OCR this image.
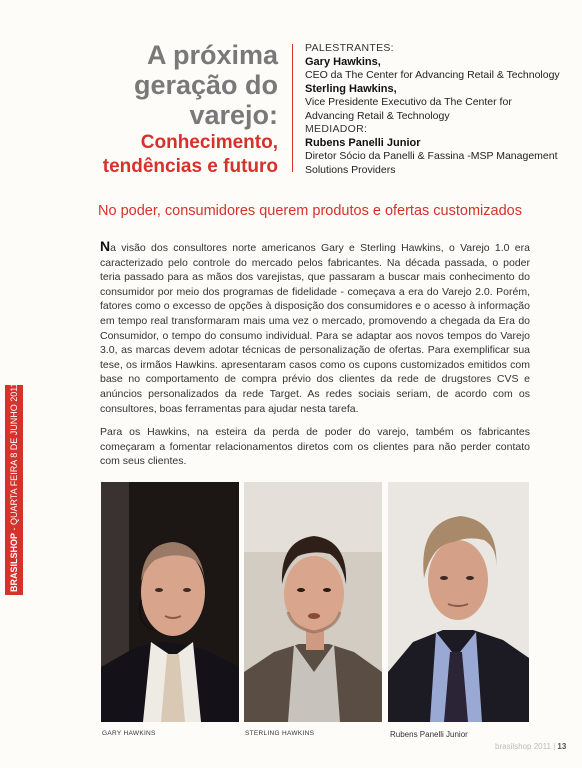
A próxima
geração do varejo:
Conhecimento,
tendências e futuro
PALESTRANTES:
Gary Hawkins,
CEO da The Center for Advancing Retail & Technology
Sterling Hawkins,
Vice Presidente Executivo da The Center for
Advancing Retail & Technology
MEDIADOR:
Rubens Panelli Junior
Diretor Sócio da Panelli & Fassina -MSP Management
Solutions Providers
No poder, consumidores querem produtos e ofertas customizados

Na visão dos consultores norte americanos Gary e Sterling Hawkins, o Varejo 1.0 era caracterizado pelo controle do mercado pelos fabricantes. Na década passada, o poder teria passado para as mãos dos varejistas, que passaram a buscar mais conhecimento do consumidor por meio dos programas de fidelidade - começava a era do Varejo 2.0. Porém, fatores como o excesso de opções à disposição dos consumidores e o acesso à informação em tempo real transformaram mais uma vez o mercado, promovendo a chegada da Era do Consumidor, o tempo do consumo individual. Para se adaptar aos novos tempos do Varejo 3.0, as marcas devem adotar técnicas de personalização de ofertas. Para exemplificar sua tese, os irmãos Hawkins. apresentaram casos como os cupons customizados emitidos com base no comportamento de compra prévio dos clientes da rede de drugstores CVS e anúncios personalizados da rede Target. As redes sociais seriam, de acordo com os consultores, boas ferramentas para ajudar nesta tarefa.

Para os Hawkins, na esteira da perda de poder do varejo, também os fabricantes começaram a fomentar relacionamentos diretos com os clientes para não perder contato com seus clientes.

BRASILSHOP - QUARTA FEIRA 8 DE JUNHO 2011
GARY HAWKINS	STERLING HAWKINS	Rubens Panelli Junior
brasilshop 2011 | 13
